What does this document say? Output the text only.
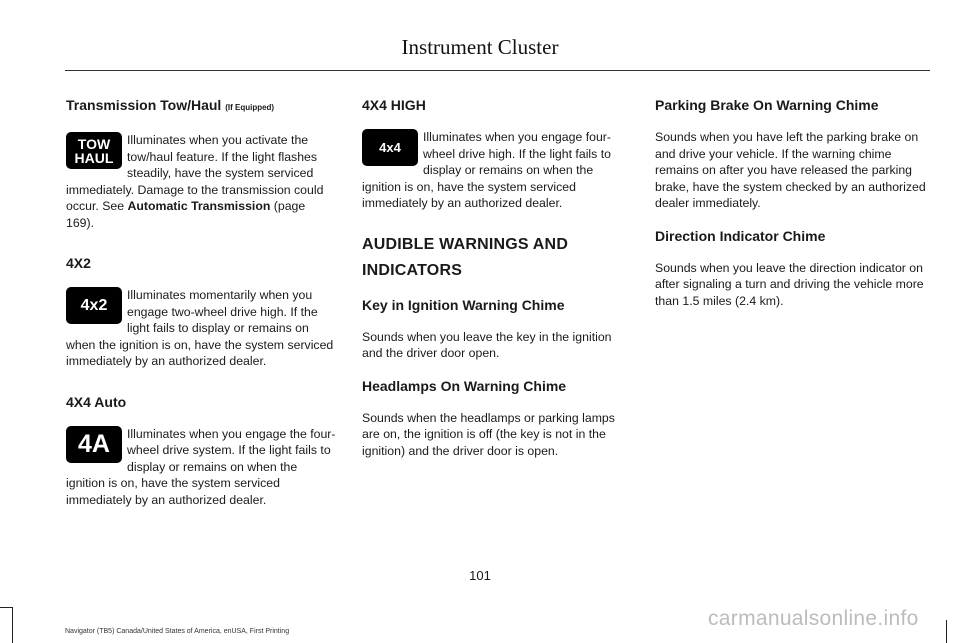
Instrument Cluster
Transmission Tow/Haul (If Equipped)
TOW
HAUL
Illuminates when you activate the tow/haul feature. If the light flashes steadily, have the system serviced immediately. Damage to the transmission could occur. See Automatic Transmission (page 169).
4X2
4x2
Illuminates momentarily when you engage two-wheel drive high. If the light fails to display or remains on when the ignition is on, have the system serviced immediately by an authorized dealer.
4X4 Auto
4A	Illuminates when you engage the four-wheel drive system. If the light fails to display or remains on when the ignition is on, have the system serviced immediately by an authorized dealer.
4X4 HIGH
4x4
Illuminates when you engage four-wheel drive high. If the light fails to display or remains on when the ignition is on, have the system serviced immediately by an authorized dealer.
AUDIBLE WARNINGS AND
INDICATORS
Key in Ignition Warning Chime
Sounds when you leave the key in the ignition and the driver door open.
Headlamps On Warning Chime
Sounds when the headlamps or parking lamps are on, the ignition is off (the key is not in the ignition) and the driver door is open.
Parking Brake On Warning Chime
Sounds when you have left the parking brake on and drive your vehicle. If the warning chime remains on after you have released the parking brake, have the system checked by an authorized dealer immediately.
Direction Indicator Chime
Sounds when you leave the direction indicator on after signaling a turn and driving the vehicle more than 1.5 miles (2.4 km).
101
Navigator (TB5) Canada/United States of America, enUSA, First Printing
carmanualsonline.info
